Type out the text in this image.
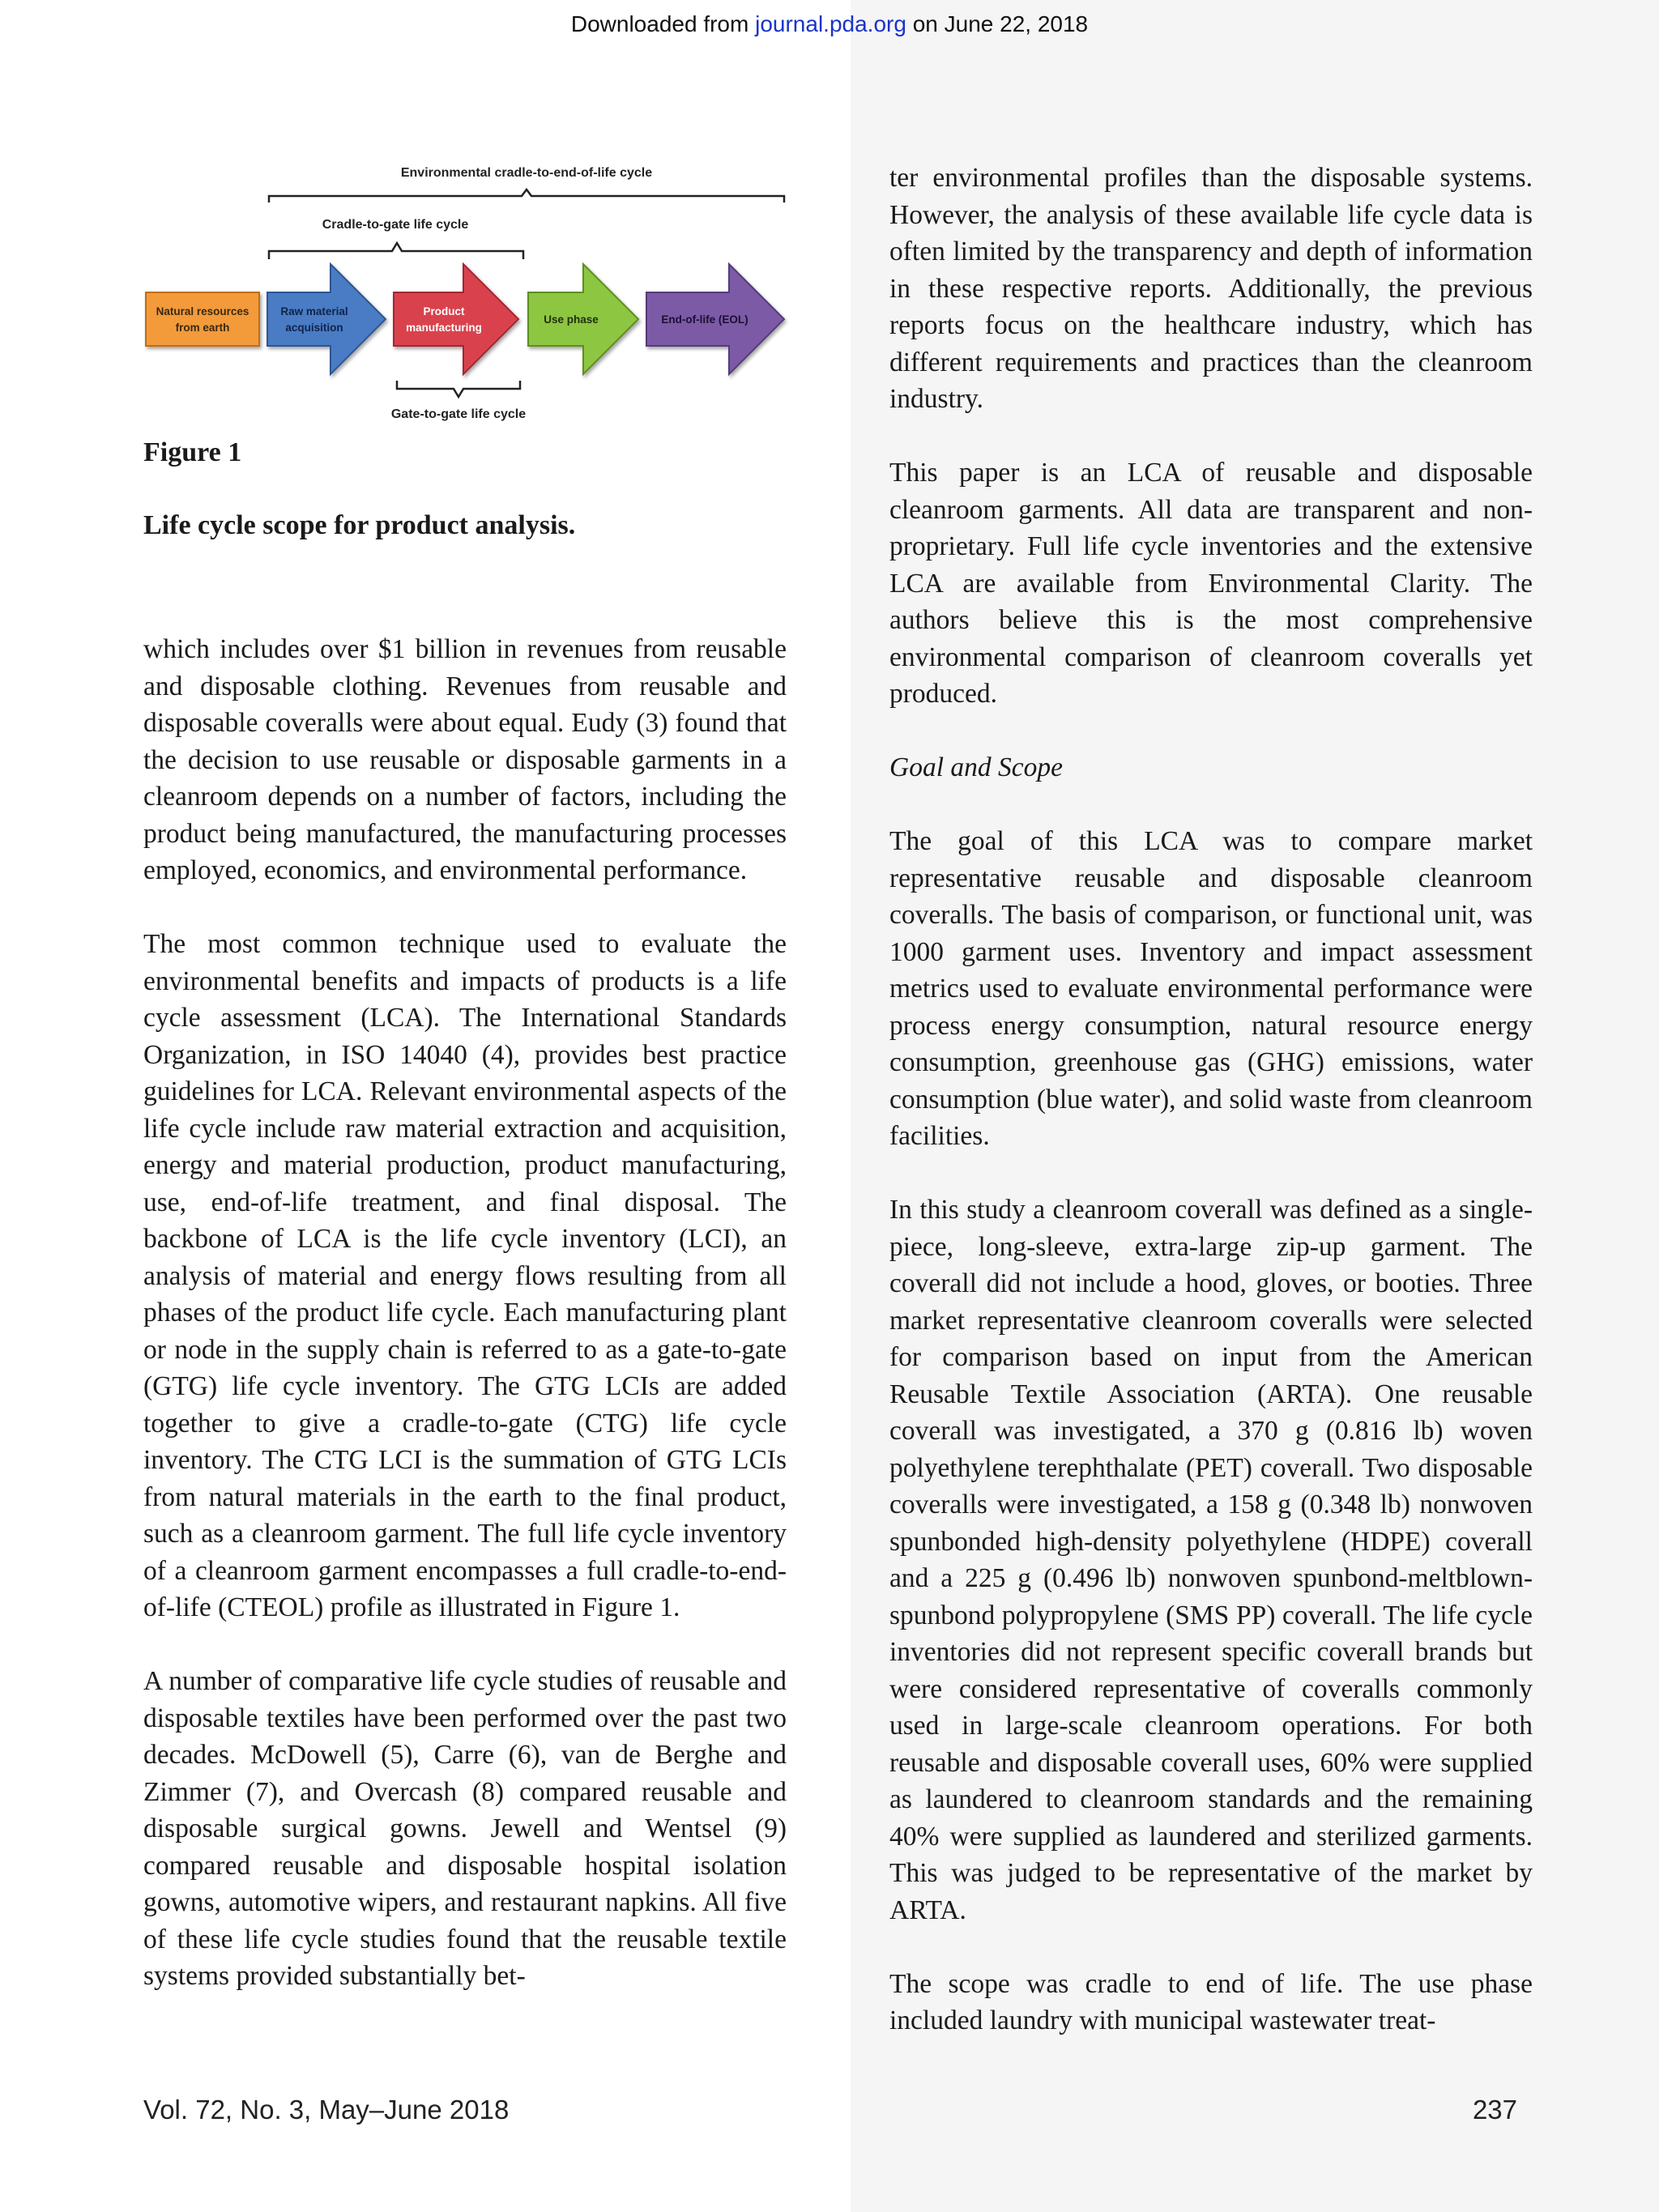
Downloaded from journal.pda.org on June 22, 2018
Environmental cradle-to-end-of-life cycle
Cradle-to-gate life cycle
Natural resources
from earth
Raw material
acquisition
Product
manufacturing
Use phase	End-of-life (EOL)
Gate-to-gate life cycle

Figure 1

Life cycle scope for product analysis.

which includes over $1 billion in revenues from reusable and disposable clothing. Revenues from reusable and disposable coveralls were about equal. Eudy (3) found that the decision to use reusable or disposable garments in a cleanroom depends on a number of factors, including the product being manufactured, the manufacturing processes employed, economics, and environmental performance.

The most common technique used to evaluate the environmental benefits and impacts of products is a life cycle assessment (LCA). The International Standards Organization, in ISO 14040 (4), provides best practice guidelines for LCA. Relevant environmental aspects of the life cycle include raw material extraction and acquisition, energy and material production, product manufacturing, use, end-of-life treatment, and final disposal. The backbone of LCA is the life cycle inventory (LCI), an analysis of material and energy flows resulting from all phases of the product life cycle. Each manufacturing plant or node in the supply chain is referred to as a gate-to-gate (GTG) life cycle inventory. The GTG LCIs are added together to give a cradle-to-gate (CTG) life cycle inventory. The CTG LCI is the summation of GTG LCIs from natural materials in the earth to the final product, such as a cleanroom garment. The full life cycle inventory of a cleanroom garment encompasses a full cradle-to-end-of-life (CTEOL) profile as illustrated in Figure 1.

A number of comparative life cycle studies of reusable and disposable textiles have been performed over the past two decades. McDowell (5), Carre (6), van de Berghe and Zimmer (7), and Overcash (8) compared reusable and disposable surgical gowns. Jewell and Wentsel (9) compared reusable and disposable hospital isolation gowns, automotive wipers, and restaurant napkins. All five of these life cycle studies found that the reusable textile systems provided substantially bet-

ter environmental profiles than the disposable systems. However, the analysis of these available life cycle data is often limited by the transparency and depth of information in these respective reports. Additionally, the previous reports focus on the healthcare industry, which has different requirements and practices than the cleanroom industry.

This paper is an LCA of reusable and disposable cleanroom garments. All data are transparent and non-proprietary. Full life cycle inventories and the extensive LCA are available from Environmental Clarity. The authors believe this is the most comprehensive environmental comparison of cleanroom coveralls yet produced.

Goal and Scope

The goal of this LCA was to compare market representative reusable and disposable cleanroom coveralls. The basis of comparison, or functional unit, was 1000 garment uses. Inventory and impact assessment metrics used to evaluate environmental performance were process energy consumption, natural resource energy consumption, greenhouse gas (GHG) emissions, water consumption (blue water), and solid waste from cleanroom facilities.

In this study a cleanroom coverall was defined as a single-piece, long-sleeve, extra-large zip-up garment. The coverall did not include a hood, gloves, or booties. Three market representative cleanroom coveralls were selected for comparison based on input from the American Reusable Textile Association (ARTA). One reusable coverall was investigated, a 370 g (0.816 lb) woven polyethylene terephthalate (PET) coverall. Two disposable coveralls were investigated, a 158 g (0.348 lb) nonwoven spunbonded high-density polyethylene (HDPE) coverall and a 225 g (0.496 lb) nonwoven spunbond-meltblown-spunbond polypropylene (SMS PP) coverall. The life cycle inventories did not represent specific coverall brands but were considered representative of coveralls commonly used in large-scale cleanroom operations. For both reusable and disposable coverall uses, 60% were supplied as laundered to cleanroom standards and the remaining 40% were supplied as laundered and sterilized garments. This was judged to be representative of the market by ARTA.

The scope was cradle to end of life. The use phase included laundry with municipal wastewater treat-

Vol. 72, No. 3, May–June 2018	237
